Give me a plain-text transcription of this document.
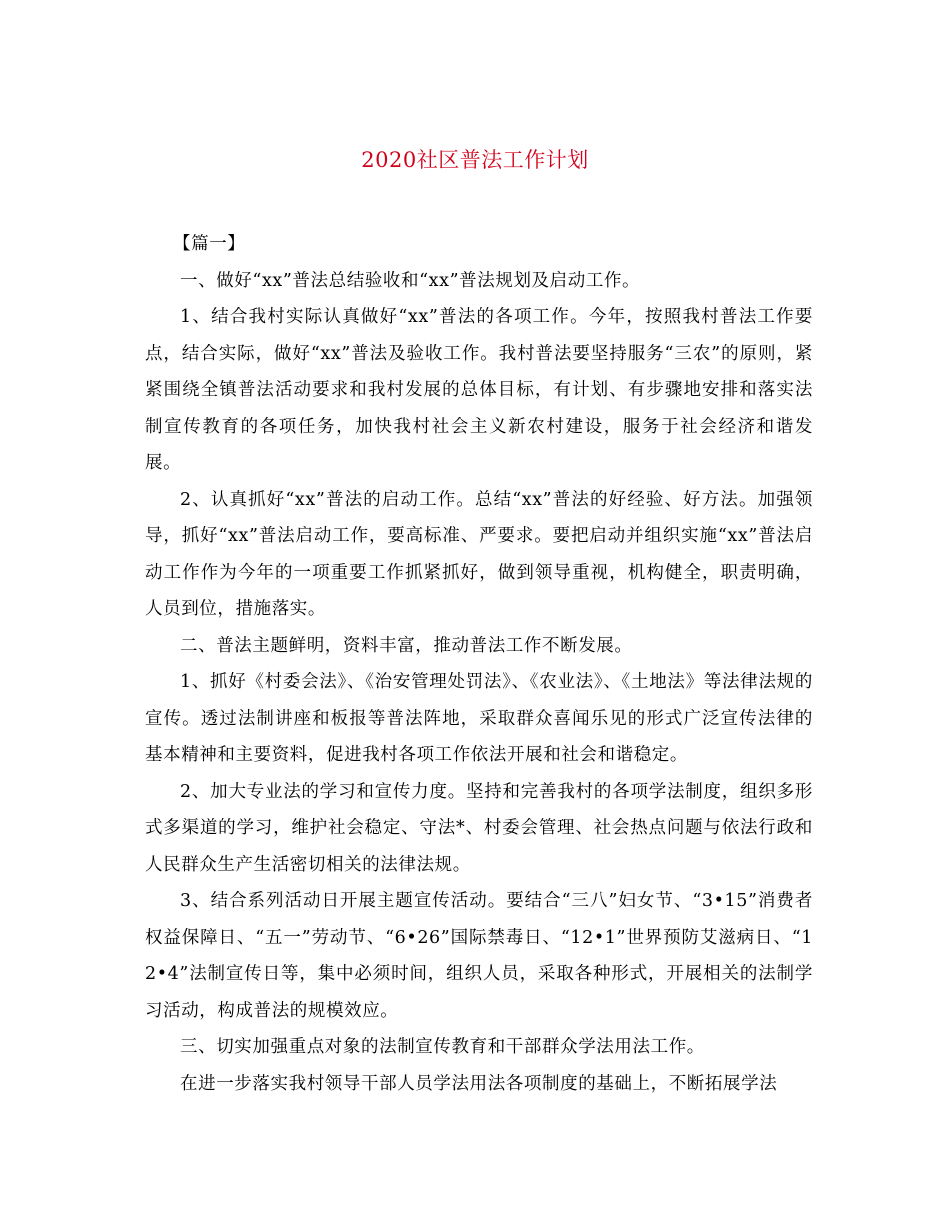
2020社区普法工作计划

【篇一】

一、做好“xx”普法总结验收和“xx”普法规划及启动工作。

1、结合我村实际认真做好“xx”普法的各项工作。今年，按照我村普法工作要点，结合实际，做好“xx”普法及验收工作。我村普法要坚持服务“三农”的原则，紧紧围绕全镇普法活动要求和我村发展的总体目标，有计划、有步骤地安排和落实法制宣传教育的各项任务，加快我村社会主义新农村建设，服务于社会经济和谐发展。

2、认真抓好“xx”普法的启动工作。总结“xx”普法的好经验、好方法。加强领导，抓好“xx”普法启动工作，要高标准、严要求。要把启动并组织实施“xx”普法启动工作作为今年的一项重要工作抓紧抓好，做到领导重视，机构健全，职责明确，人员到位，措施落实。

二、普法主题鲜明，资料丰富，推动普法工作不断发展。

1、抓好《村委会法》、《治安管理处罚法》、《农业法》、《土地法》等法律法规的宣传。透过法制讲座和板报等普法阵地，采取群众喜闻乐见的形式广泛宣传法律的基本精神和主要资料，促进我村各项工作依法开展和社会和谐稳定。

2、加大专业法的学习和宣传力度。坚持和完善我村的各项学法制度，组织多形式多渠道的学习，维护社会稳定、守法*、村委会管理、社会热点问题与依法行政和人民群众生产生活密切相关的法律法规。

3、结合系列活动日开展主题宣传活动。要结合“三八”妇女节、“3•15”消费者权益保障日、“五一”劳动节、“6•26”国际禁毒日、“12•1”世界预防艾滋病日、“12•4”法制宣传日等，集中必须时间，组织人员，采取各种形式，开展相关的法制学习活动，构成普法的规模效应。

三、切实加强重点对象的法制宣传教育和干部群众学法用法工作。

在进一步落实我村领导干部人员学法用法各项制度的基础上，不断拓展学法
